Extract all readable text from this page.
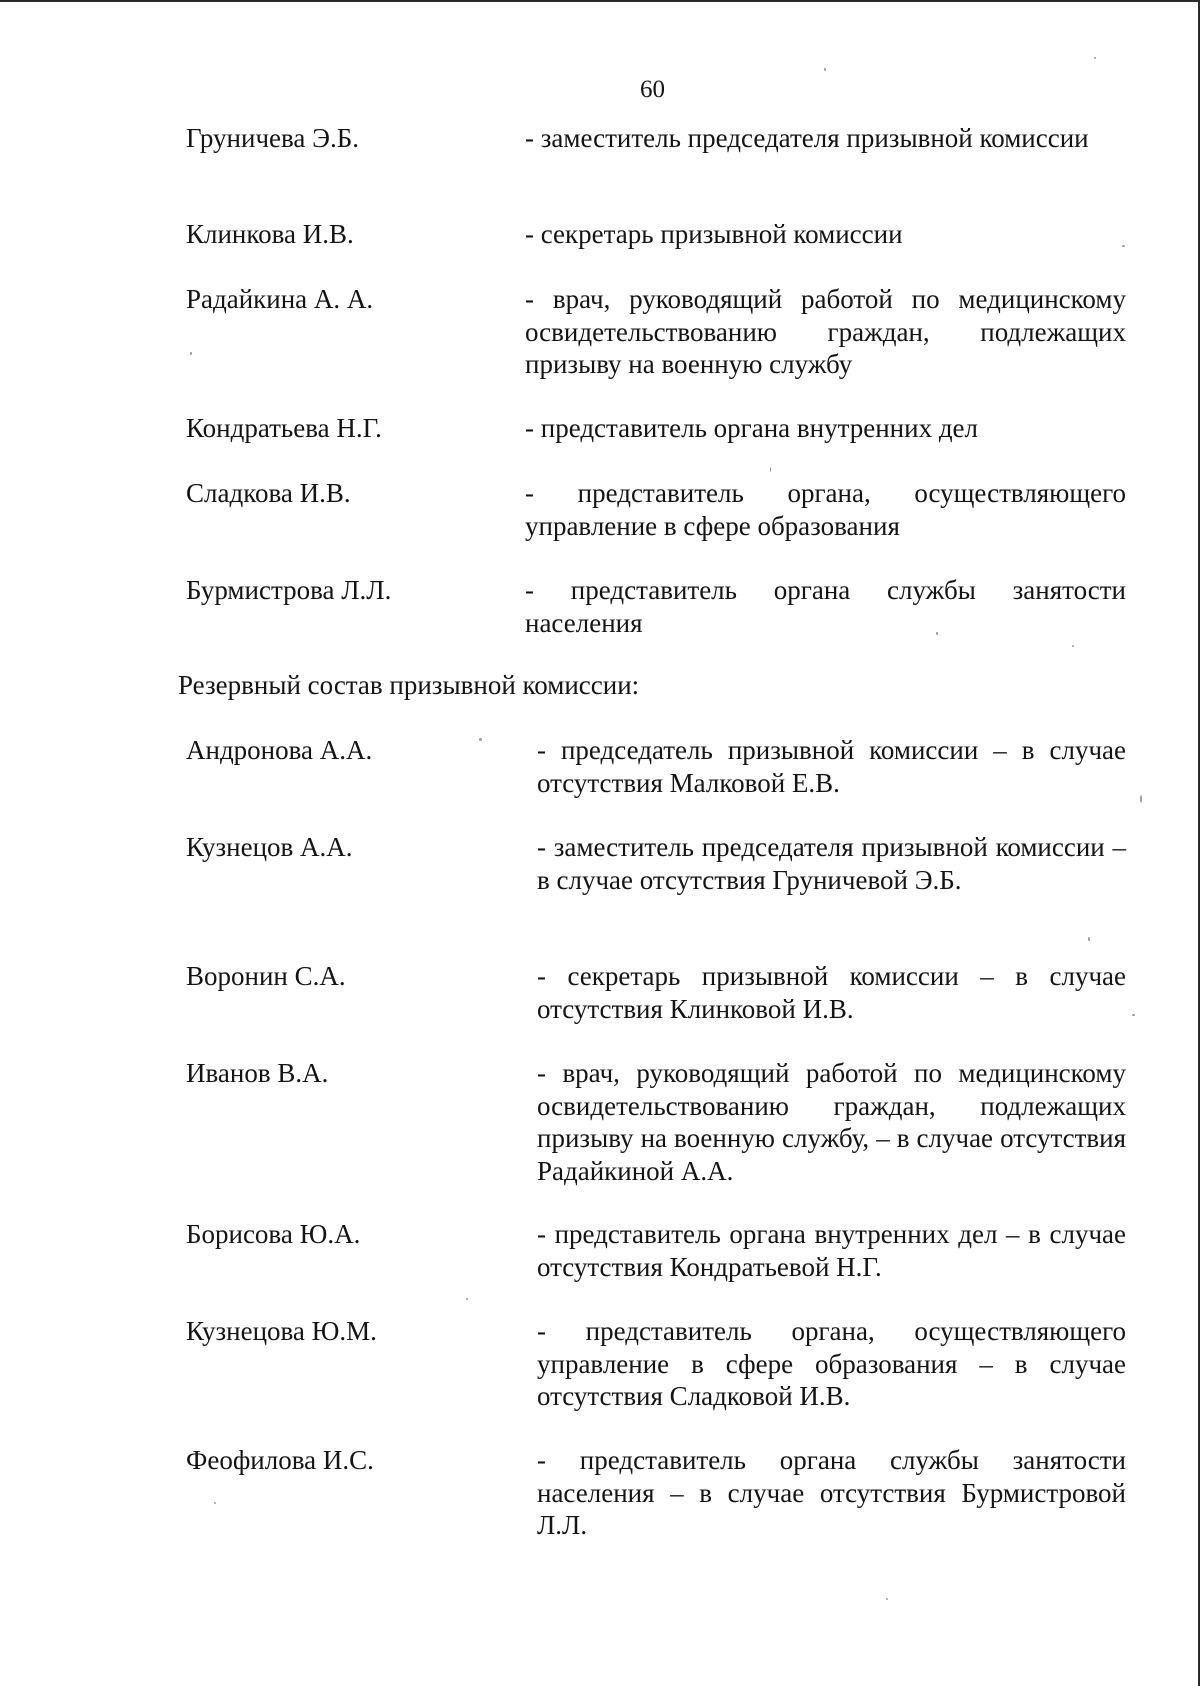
60
Груничева Э.Б.	- заместитель председателя призывной комиссии
Клинкова И.В.	- секретарь призывной комиссии
Радайкина А. А.	- врач, руководящий работой по медицинскому освидетельствованию граждан, подлежащих призыву на военную службу
Кондратьева Н.Г.	- представитель органа внутренних дел
Сладкова И.В.	- представитель органа, осуществляющего управление в сфере образования
Бурмистрова Л.Л.	- представитель органа службы занятости населения
Резервный состав призывной комиссии:
Андронова А.А.	- председатель призывной комиссии – в случае отсутствия Малковой Е.В.
Кузнецов А.А.	- заместитель председателя призывной комиссии – в случае отсутствия Груничевой Э.Б.
Воронин С.А.	- секретарь призывной комиссии – в случае отсутствия Клинковой И.В.
Иванов В.А.	- врач, руководящий работой по медицинскому освидетельствованию граждан, подлежащих призыву на военную службу, – в случае отсутствия Радайкиной А.А.
Борисова Ю.А.	- представитель органа внутренних дел – в случае отсутствия Кондратьевой Н.Г.
Кузнецова Ю.М.	- представитель органа, осуществляющего управление в сфере образования – в случае отсутствия Сладковой И.В.
Феофилова И.С.	- представитель органа службы занятости населения – в случае отсутствия Бурмистровой Л.Л.
